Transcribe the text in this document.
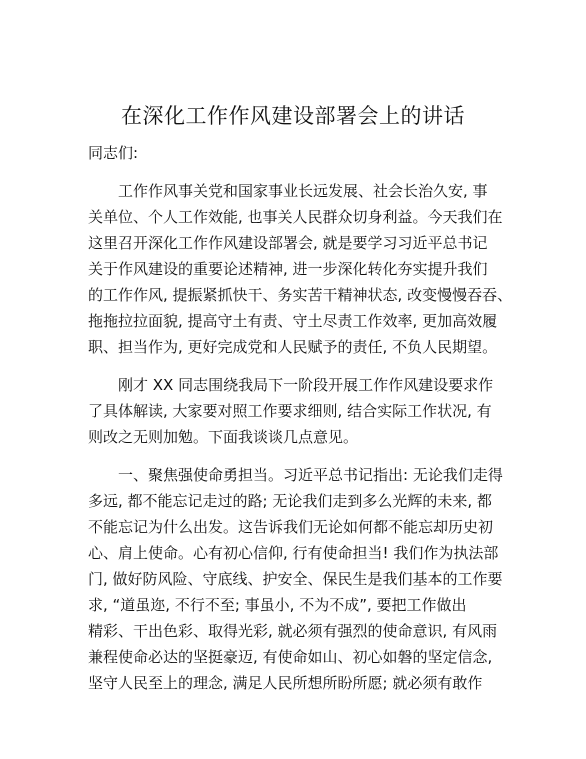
在深化工作作风建设部署会上的讲话
同志们:
工作作风事关党和国家事业长远发展、社会长治久安, 事
关单位、个人工作效能, 也事关人民群众切身利益。今天我们在
这里召开深化工作作风建设部署会, 就是要学习习近平总书记
关于作风建设的重要论述精神, 进一步深化转化夯实提升我们
的工作作风, 提振紧抓快干、务实苦干精神状态, 改变慢慢吞吞、
拖拖拉拉面貌, 提高守土有责、守土尽责工作效率, 更加高效履
职、担当作为, 更好完成党和人民赋予的责任, 不负人民期望。
刚才 XX 同志围绕我局下一阶段开展工作作风建设要求作
了具体解读, 大家要对照工作要求细则, 结合实际工作状况, 有
则改之无则加勉。下面我谈谈几点意见。
一、聚焦强使命勇担当。习近平总书记指出: 无论我们走得
多远, 都不能忘记走过的路; 无论我们走到多么光辉的未来, 都
不能忘记为什么出发。这告诉我们无论如何都不能忘却历史初
心、肩上使命。心有初心信仰, 行有使命担当! 我们作为执法部
门, 做好防风险、守底线、护安全、保民生是我们基本的工作要
求, “道虽迩, 不行不至; 事虽小, 不为不成”, 要把工作做出
精彩、干出色彩、取得光彩, 就必须有强烈的使命意识, 有风雨
兼程使命必达的坚挺豪迈, 有使命如山、初心如磐的坚定信念,
坚守人民至上的理念, 满足人民所想所盼所愿; 就必须有敢作
